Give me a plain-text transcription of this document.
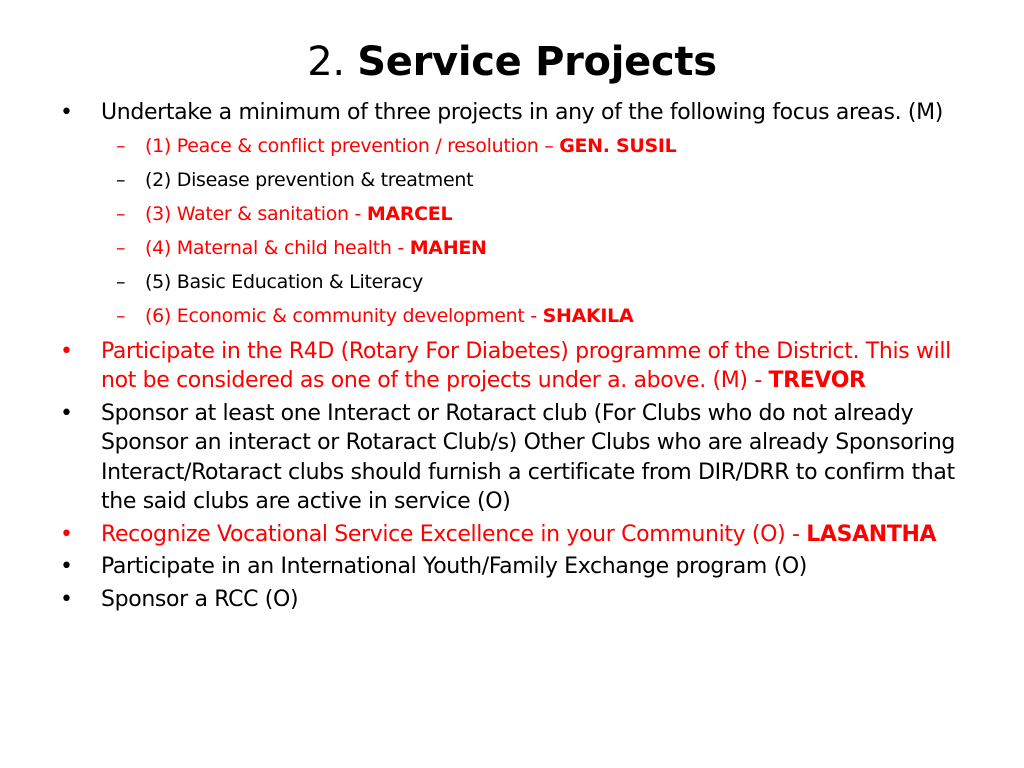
2. Service Projects
• Undertake a minimum of three projects in any of the following focus areas. (M)
– (1) Peace & conflict prevention / resolution – GEN. SUSIL
– (2) Disease prevention & treatment
– (3) Water & sanitation - MARCEL
– (4) Maternal & child health - MAHEN
– (5) Basic Education & Literacy
– (6) Economic & community development - SHAKILA
• Participate in the R4D (Rotary For Diabetes) programme of the District. This will not be considered as one of the projects under a. above. (M) - TREVOR
• Sponsor at least one Interact or Rotaract club (For Clubs who do not already Sponsor an interact or Rotaract Club/s) Other Clubs who are already Sponsoring Interact/Rotaract clubs should furnish a certificate from DIR/DRR to confirm that the said clubs are active in service (O)
• Recognize Vocational Service Excellence in your Community (O) - LASANTHA
• Participate in an International Youth/Family Exchange program (O)
• Sponsor a RCC (O)
